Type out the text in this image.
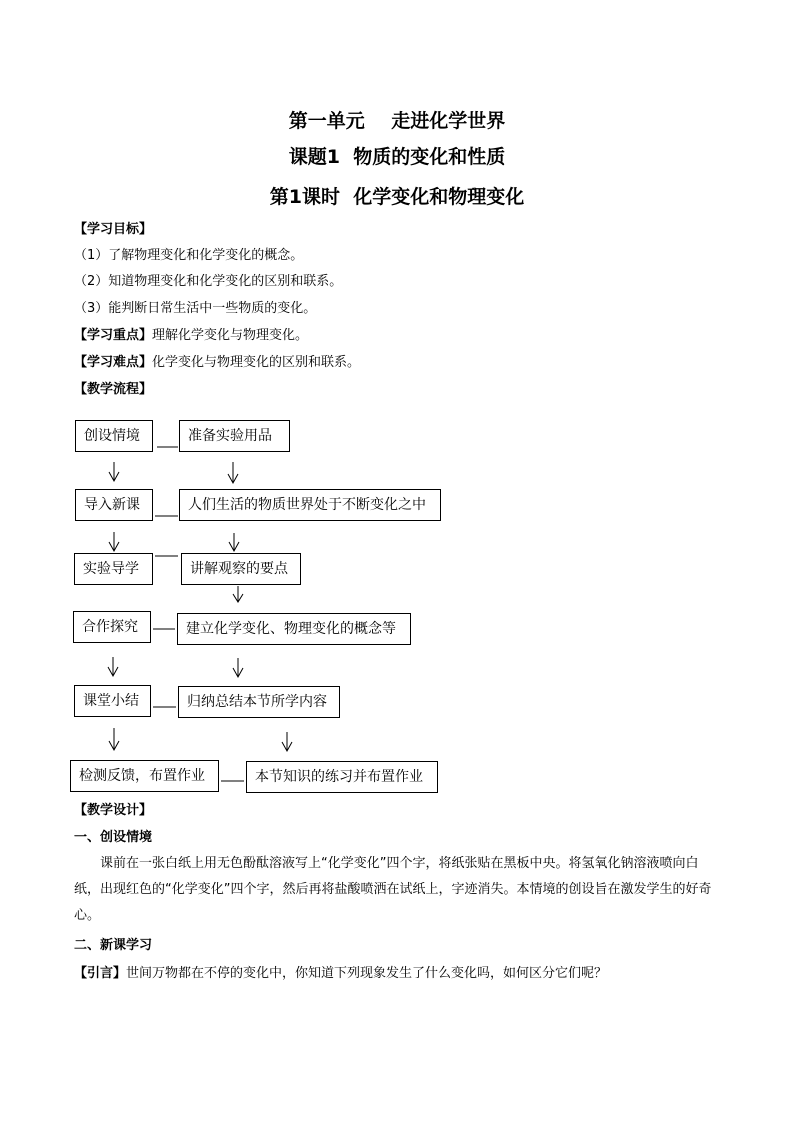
第一单元    走进化学世界
课题1  物质的变化和性质
第1课时  化学变化和物理变化
【学习目标】
（1）了解物理变化和化学变化的概念。
（2）知道物理变化和化学变化的区别和联系。
（3）能判断日常生活中一些物质的变化。
【学习重点】理解化学变化与物理变化。
【学习难点】化学变化与物理变化的区别和联系。
【教学流程】
创设情境
导入新课
实验导学
合作探究
课堂小结
检测反馈，布置作业
准备实验用品
人们生活的物质世界处于不断变化之中
讲解观察的要点
建立化学变化、物理变化的概念等
归纳总结本节所学内容
本节知识的练习并布置作业
【教学设计】
一、创设情境
课前在一张白纸上用无色酚酞溶液写上“化学变化”四个字，将纸张贴在黑板中央。将氢氧化钠溶液喷向白纸，出现红色的“化学变化”四个字，然后再将盐酸喷洒在试纸上，字迹消失。本情境的创设旨在激发学生的好奇心。
二、新课学习
【引言】世间万物都在不停的变化中，你知道下列现象发生了什么变化吗，如何区分它们呢？
